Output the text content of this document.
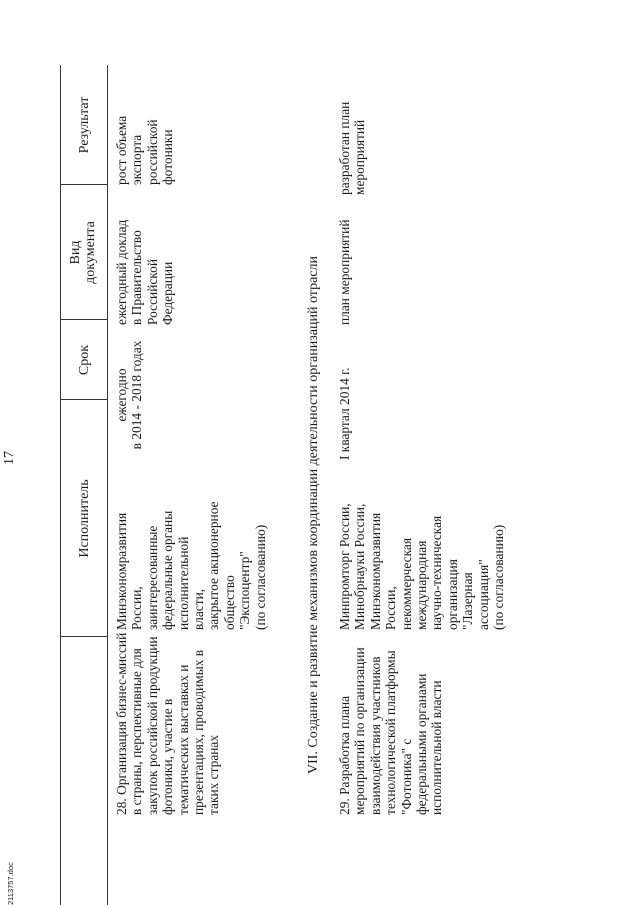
17
2113757.doc
Исполнитель
Срок
Вид
документа
Результат
28. Организация бизнес-миссий
в страны, перспективные для
закупок российской продукции
фотоники, участие в
тематических выставках и
презентациях, проводимых в
таких странах
Минэкономразвития
России,
заинтересованные
федеральные органы
исполнительной
власти,
закрытое акционерное
общество
"Экспоцентр"
(по согласованию)
ежегодно
в 2014 - 2018 годах
ежегодный доклад
в Правительство
Российской
Федерации
рост объема
экспорта
российской
фотоники
VII. Создание и развитие механизмов координации деятельности организаций отрасли
29. Разработка плана
мероприятий по организации
взаимодействия участников
технологической платформы
"Фотоника" с
федеральными органами
исполнительной власти
Минпромторг России,
Минобрнауки России,
Минэкономразвития
России,
некоммерческая
международная
научно-техническая
организация
"Лазерная
ассоциация"
(по согласованию)
I квартал 2014 г.
план мероприятий
разработан план
мероприятий
